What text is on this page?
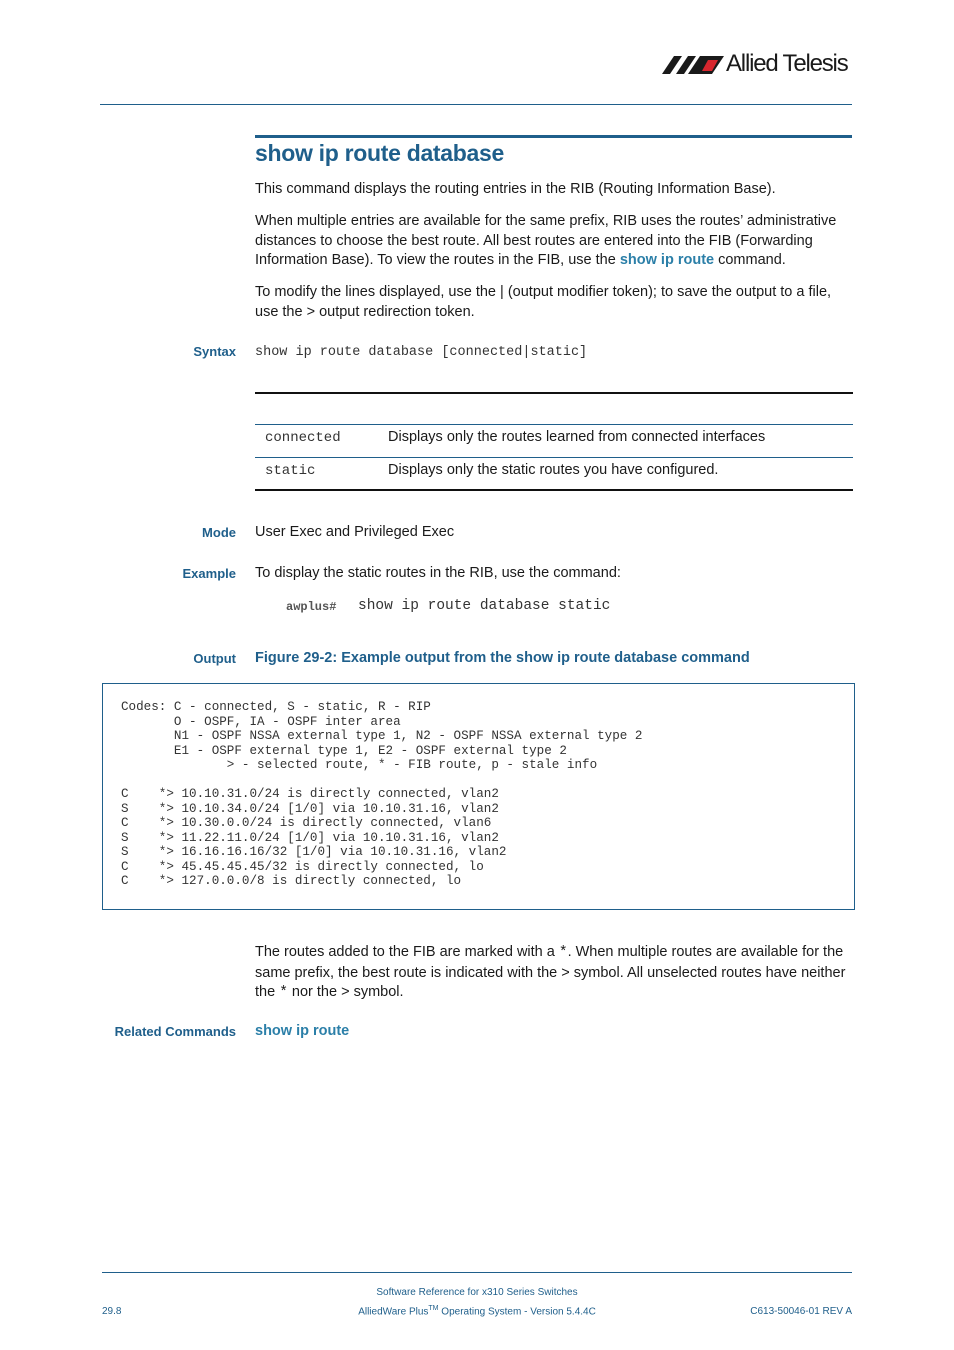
Allied Telesis
show ip route database
This command displays the routing entries in the RIB (Routing Information Base).
When multiple entries are available for the same prefix, RIB uses the routes’ administrative distances to choose the best route. All best routes are entered into the FIB (Forwarding Information Base). To view the routes in the FIB, use the show ip route command.
To modify the lines displayed, use the | (output modifier token); to save the output to a file, use the > output redirection token.
Syntax show ip route database [connected|static]
connected	Displays only the routes learned from connected interfaces
static	Displays only the static routes you have configured.
Mode User Exec and Privileged Exec
Example To display the static routes in the RIB, use the command:
awplus# show ip route database static
Output Figure 29-2: Example output from the show ip route database command
Codes: C - connected, S - static, R - RIP
O - OSPF, IA - OSPF inter area
N1 - OSPF NSSA external type 1, N2 - OSPF NSSA external type 2
E1 - OSPF external type 1, E2 - OSPF external type 2
> - selected route, * - FIB route, p - stale info

C    *> 10.10.31.0/24 is directly connected, vlan2
S    *> 10.10.34.0/24 [1/0] via 10.10.31.16, vlan2
C    *> 10.30.0.0/24 is directly connected, vlan6
S    *> 11.22.11.0/24 [1/0] via 10.10.31.16, vlan2
S    *> 16.16.16.16/32 [1/0] via 10.10.31.16, vlan2
C    *> 45.45.45.45/32 is directly connected, lo
C    *> 127.0.0.0/8 is directly connected, lo

The routes added to the FIB are marked with a *. When multiple routes are available for the same prefix, the best route is indicated with the > symbol. All unselected routes have neither the * nor the > symbol.
Related Commands show ip route
Software Reference for x310 Series Switches
AlliedWare Plus™ Operating System - Version 5.4.4C
29.8	C613-50046-01 REV A
